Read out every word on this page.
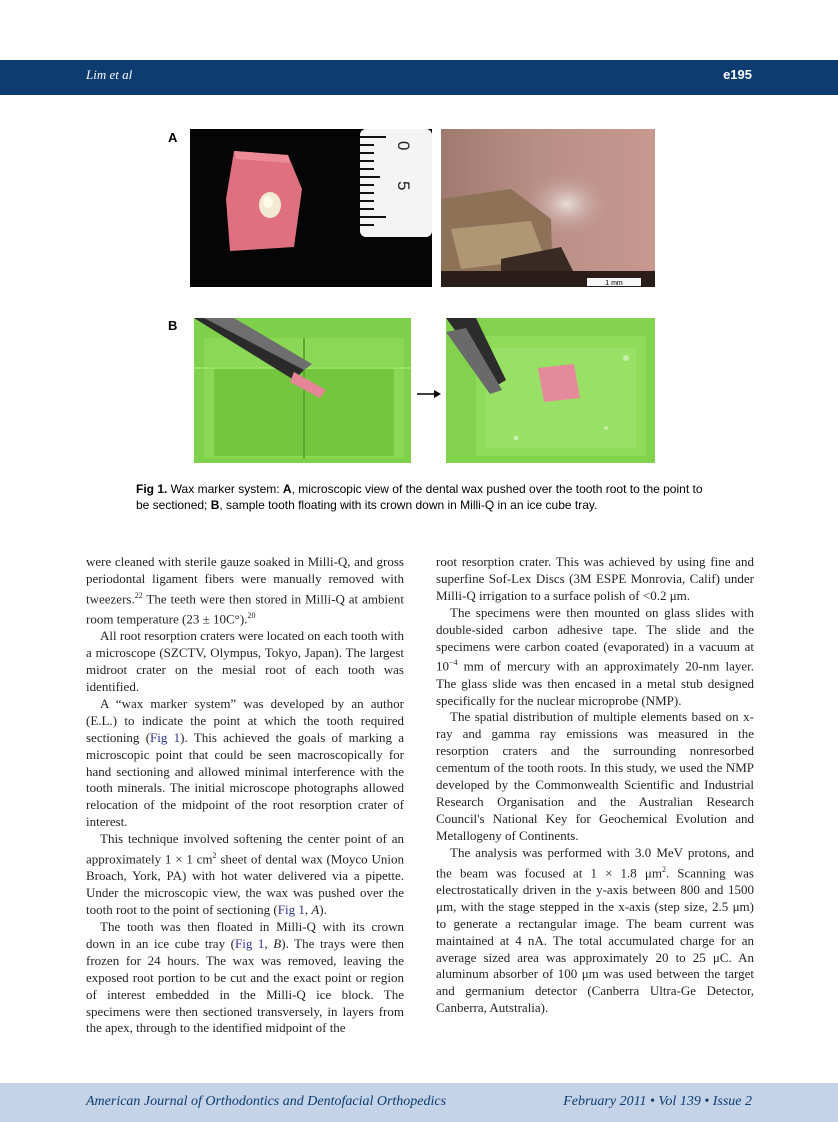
Lim et al	e195
A
B
0
5
1 mm
Fig 1. Wax marker system: A, microscopic view of the dental wax pushed over the tooth root to the point to be sectioned; B, sample tooth floating with its crown down in Milli-Q in an ice cube tray.

were cleaned with sterile gauze soaked in Milli-Q, and gross periodontal ligament fibers were manually removed with tweezers.$^{22}$ The teeth were then stored in Milli-Q at ambient room temperature (23 ± 10C°).$^{20}$

All root resorption craters were located on each tooth with a microscope (SZCTV, Olympus, Tokyo, Japan). The largest midroot crater on the mesial root of each tooth was identified.

A “wax marker system” was developed by an author (E.L.) to indicate the point at which the tooth required sectioning (Fig 1). This achieved the goals of marking a microscopic point that could be seen macroscopically for hand sectioning and allowed minimal interference with the tooth minerals. The initial microscope photographs allowed relocation of the midpoint of the root resorption crater of interest.

This technique involved softening the center point of an approximately 1 × 1 $cm^2$ sheet of dental wax (Moyco Union Broach, York, PA) with hot water delivered via a pipette. Under the microscopic view, the wax was pushed over the tooth root to the point of sectioning (Fig 1, A).

The tooth was then floated in Milli-Q with its crown down in an ice cube tray (Fig 1, B). The trays were then frozen for 24 hours. The wax was removed, leaving the exposed root portion to be cut and the exact point or region of interest embedded in the Milli-Q ice block. The specimens were then sectioned transversely, in layers from the apex, through to the identified midpoint of the

root resorption crater. This was achieved by using fine and superfine Sof-Lex Discs (3M ESPE Monrovia, Calif) under Milli-Q irrigation to a surface polish of <0.2 μm.

The specimens were then mounted on glass slides with double-sided carbon adhesive tape. The slide and the specimens were carbon coated (evaporated) in a vacuum at $10^{-4}$ mm of mercury with an approximately 20-nm layer. The glass slide was then encased in a metal stub designed specifically for the nuclear microprobe (NMP).

The spatial distribution of multiple elements based on x-ray and gamma ray emissions was measured in the resorption craters and the surrounding nonresorbed cementum of the tooth roots. In this study, we used the NMP developed by the Commonwealth Scientific and Industrial Research Organisation and the Australian Research Council's National Key for Geochemical Evolution and Metallogeny of Continents.

The analysis was performed with 3.0 MeV protons, and the beam was focused at 1 × 1.8 $\mu m^2$. Scanning was electrostatically driven in the y-axis between 800 and 1500 μm, with the stage stepped in the x-axis (step size, 2.5 μm) to generate a rectangular image. The beam current was maintained at 4 nA. The total accumulated charge for an average sized area was approximately 20 to 25 μC. An aluminum absorber of 100 μm was used between the target and germanium detector (Canberra Ultra-Ge Detector, Canberra, Autstralia).

American Journal of Orthodontics and Dentofacial Orthopedics	February 2011 • Vol 139 • Issue 2
